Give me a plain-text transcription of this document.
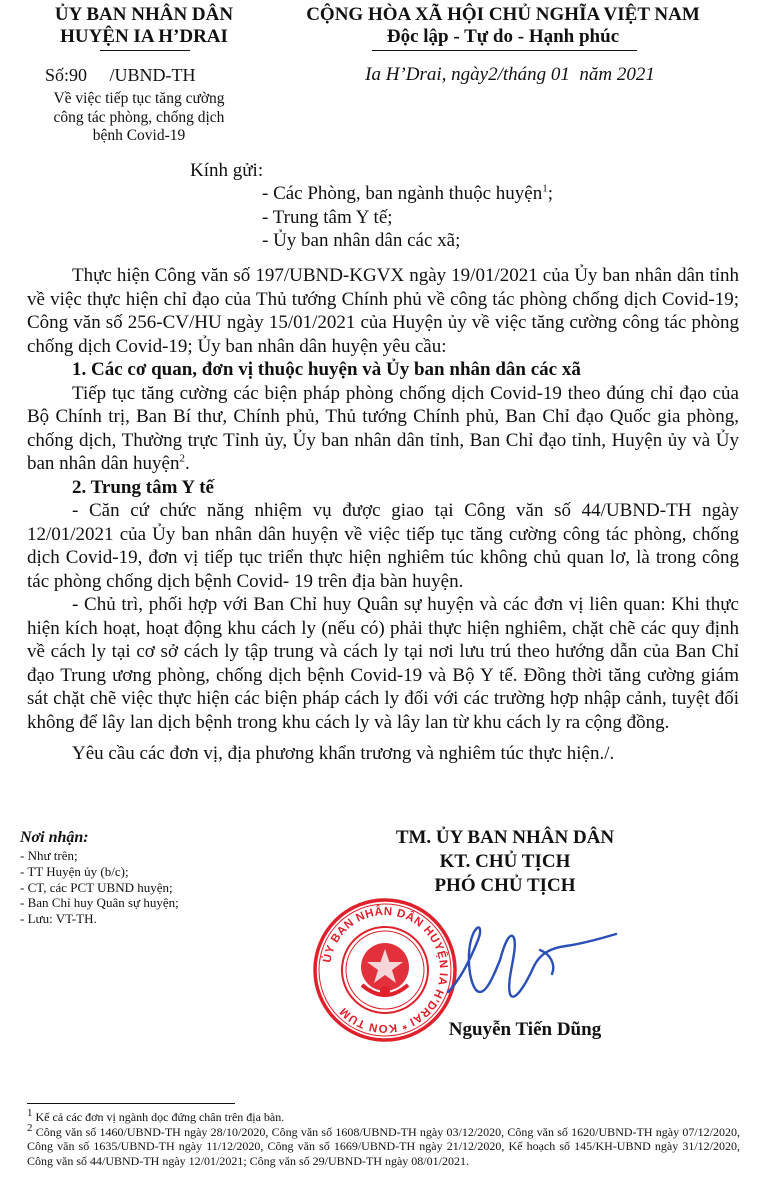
ỦY BAN NHÂN DÂN
HUYỆN IA H’DRAI
CỘNG HÒA XÃ HỘI CHỦ NGHĨA VIỆT NAM
Độc lập - Tự do - Hạnh phúc
Số:90     /UBND-TH	Ia H’Drai, ngày2/tháng 01  năm 2021
Về việc tiếp tục tăng cường
công tác phòng, chống dịch
bệnh Covid-19
Kính gửi:
- Các Phòng, ban ngành thuộc huyện$^1$;
- Trung tâm Y tế;
- Ủy ban nhân dân các xã;

Thực hiện Công văn số 197/UBND-KGVX ngày 19/01/2021 của Ủy ban nhân dân tỉnh về việc thực hiện chỉ đạo của Thủ tướng Chính phủ về công tác phòng chống dịch Covid-19; Công văn số 256-CV/HU ngày 15/01/2021 của Huyện ủy về việc tăng cường công tác phòng chống dịch Covid-19; Ủy ban nhân dân huyện yêu cầu:

1. Các cơ quan, đơn vị thuộc huyện và Ủy ban nhân dân các xã

Tiếp tục tăng cường các biện pháp phòng chống dịch Covid-19 theo đúng chỉ đạo của Bộ Chính trị, Ban Bí thư, Chính phủ, Thủ tướng Chính phủ, Ban Chỉ đạo Quốc gia phòng, chống dịch, Thường trực Tỉnh ủy, Ủy ban nhân dân tỉnh, Ban Chỉ đạo tỉnh, Huyện ủy và Ủy ban nhân dân huyện$^2$.

2. Trung tâm Y tế

- Căn cứ chức năng nhiệm vụ được giao tại Công văn số 44/UBND-TH ngày 12/01/2021 của Ủy ban nhân dân huyện về việc tiếp tục tăng cường công tác phòng, chống dịch Covid-19, đơn vị tiếp tục triển thực hiện nghiêm túc không chủ quan lơ, là trong công tác phòng chống dịch bệnh Covid- 19 trên địa bàn huyện.

- Chủ trì, phối hợp với Ban Chỉ huy Quân sự huyện và các đơn vị liên quan: Khi thực hiện kích hoạt, hoạt động khu cách ly (nếu có) phải thực hiện nghiêm, chặt chẽ các quy định về cách ly tại cơ sở cách ly tập trung và cách ly tại nơi lưu trú theo hướng dẫn của Ban Chỉ đạo Trung ương phòng, chống dịch bệnh Covid-19 và Bộ Y tế. Đồng thời tăng cường giám sát chặt chẽ việc thực hiện các biện pháp cách ly đối với các trường hợp nhập cảnh, tuyệt đối không để lây lan dịch bệnh trong khu cách ly và lây lan từ khu cách ly ra cộng đồng.

Yêu cầu các đơn vị, địa phương khẩn trương và nghiêm túc thực hiện./.

Nơi nhận:
- Như trên;
- TT Huyện ủy (b/c);
- CT, các PCT UBND huyện;
- Ban Chỉ huy Quân sự huyện;
- Lưu: VT-TH.
TM. ỦY BAN NHÂN DÂN
KT. CHỦ TỊCH
PHÓ CHỦ TỊCH
ỦY BAN NHÂN DÂN HUYỆN IA H’DRAI * KON TUM
Nguyễn Tiến Dũng
$^1$ Kể cả các đơn vị ngành dọc đứng chân trên địa bàn.
$^2$ Công văn số 1460/UBND-TH ngày 28/10/2020, Công văn số 1608/UBND-TH ngày 03/12/2020, Công văn số 1620/UBND-TH ngày 07/12/2020, Công văn số 1635/UBND-TH ngày 11/12/2020, Công văn số 1669/UBND-TH ngày 21/12/2020, Kế hoạch số 145/KH-UBND ngày 31/12/2020, Công văn số 44/UBND-TH ngày 12/01/2021; Công văn số 29/UBND-TH ngày 08/01/2021.
